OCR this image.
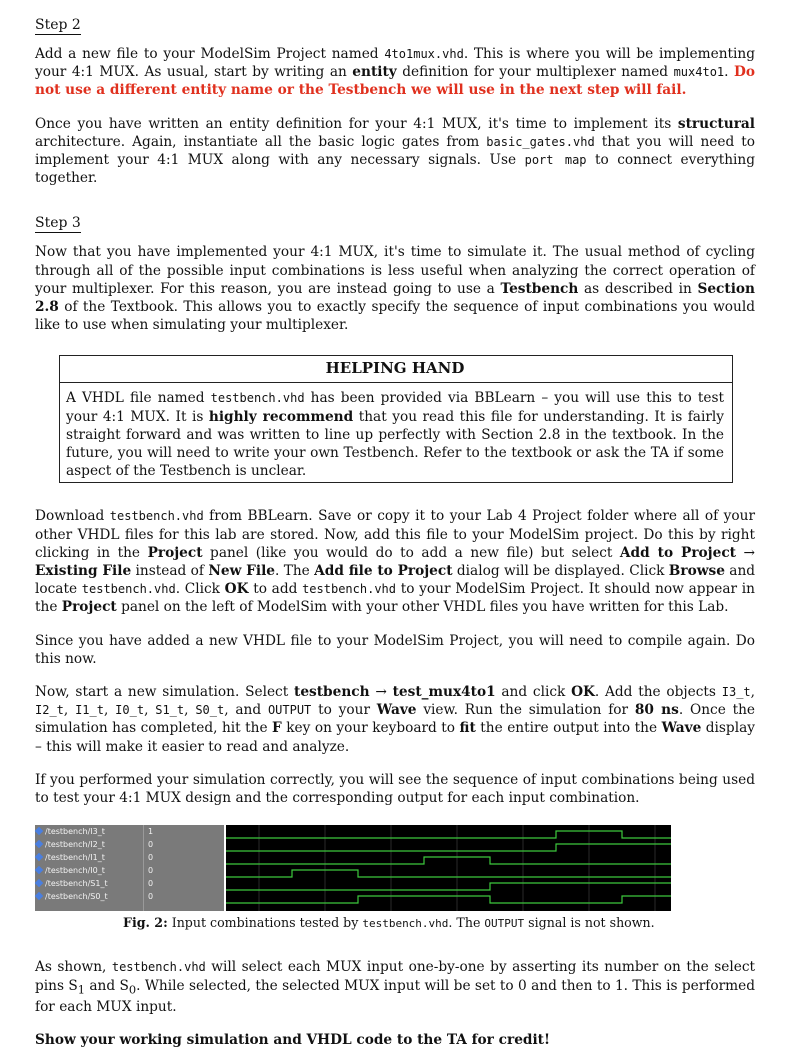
Step 2

Add a new file to your ModelSim Project named 4to1mux.vhd. This is where you will be implementing your 4:1 MUX. As usual, start by writing an entity definition for your multiplexer named mux4to1. Do not use a different entity name or the Testbench we will use in the next step will fail.

Once you have written an entity definition for your 4:1 MUX, it's time to implement its structural architecture. Again, instantiate all the basic logic gates from basic_gates.vhd that you will need to implement your 4:1 MUX along with any necessary signals. Use port map to connect everything together.

Step 3

Now that you have implemented your 4:1 MUX, it's time to simulate it. The usual method of cycling through all of the possible input combinations is less useful when analyzing the correct operation of your multiplexer. For this reason, you are instead going to use a Testbench as described in Section 2.8 of the Textbook. This allows you to exactly specify the sequence of input combinations you would like to use when simulating your multiplexer.

HELPING HAND

A VHDL file named testbench.vhd has been provided via BBLearn – you will use this to test your 4:1 MUX. It is highly recommend that you read this file for understanding. It is fairly straight forward and was written to line up perfectly with Section 2.8 in the textbook. In the future, you will need to write your own Testbench. Refer to the textbook or ask the TA if some aspect of the Testbench is unclear.

Download testbench.vhd from BBLearn. Save or copy it to your Lab 4 Project folder where all of your other VHDL files for this lab are stored. Now, add this file to your ModelSim project. Do this by right clicking in the Project panel (like you would do to add a new file) but select Add to Project → Existing File instead of New File. The Add file to Project dialog will be displayed. Click Browse and locate testbench.vhd. Click OK to add testbench.vhd to your ModelSim Project. It should now appear in the Project panel on the left of ModelSim with your other VHDL files you have written for this Lab.

Since you have added a new VHDL file to your ModelSim Project, you will need to compile again. Do this now.

Now, start a new simulation. Select testbench → test_mux4to1 and click OK. Add the objects I3_t, I2_t, I1_t, I0_t, S1_t, S0_t, and OUTPUT to your Wave view. Run the simulation for 80 ns. Once the simulation has completed, hit the F key on your keyboard to fit the entire output into the Wave display – this will make it easier to read and analyze.

If you performed your simulation correctly, you will see the sequence of input combinations being used to test your 4:1 MUX design and the corresponding output for each input combination.

/testbench/I3_t
/testbench/I2_t
/testbench/I1_t
/testbench/I0_t
/testbench/S1_t
/testbench/S0_t
1
0
0
0
0
0

Fig. 2: Input combinations tested by testbench.vhd. The OUTPUT signal is not shown.

As shown, testbench.vhd will select each MUX input one-by-one by asserting its number on the select pins $S_1$ and $S_0$. While selected, the selected MUX input will be set to 0 and then to 1. This is performed for each MUX input.

Show your working simulation and VHDL code to the TA for credit!
